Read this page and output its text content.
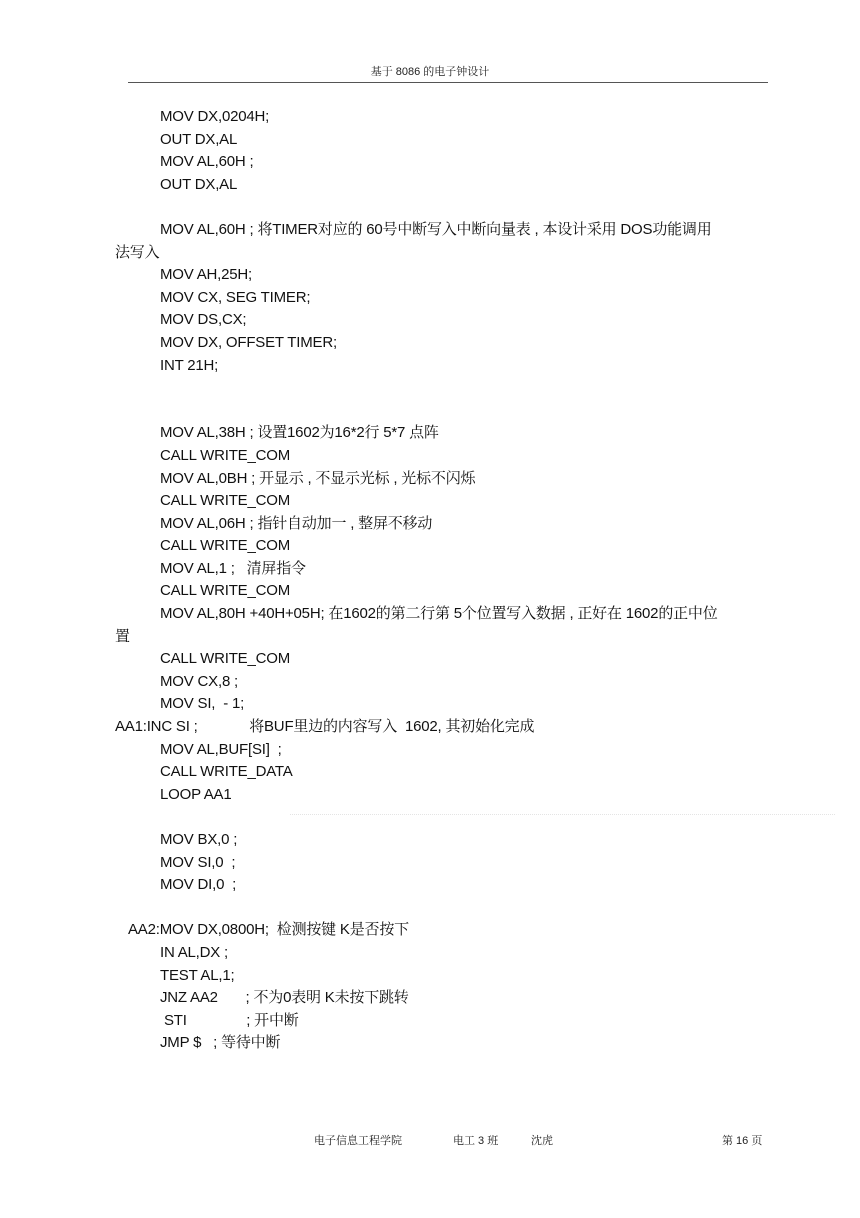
基于 8086 的电子钟设计
MOV DX,0204H;
OUT DX,AL
MOV AL,60H ;
OUT DX,AL
MOV AL,60H ; 将TIMER对应的 60号中断写入中断向量表 , 本设计采用 DOS功能调用
法写入
MOV AH,25H;
MOV CX, SEG TIMER;
MOV DS,CX;
MOV DX, OFFSET TIMER;
INT 21H;
MOV AL,38H ; 设置1602为16*2行 5*7 点阵
CALL WRITE_COM
MOV AL,0BH ; 开显示 , 不显示光标 , 光标不闪烁
CALL WRITE_COM
MOV AL,06H ; 指针自动加一 , 整屏不移动
CALL WRITE_COM
MOV AL,1 ;   清屏指令
CALL WRITE_COM
MOV AL,80H +40H+05H; 在1602的第二行第 5个位置写入数据 , 正好在 1602的正中位
置
CALL WRITE_COM
MOV CX,8 ;
MOV SI,  - 1;
AA1:INC SI ;             将BUF里边的内容写入  1602, 其初始化完成
MOV AL,BUF[SI]  ;
CALL WRITE_DATA
LOOP AA1
MOV BX,0 ;
MOV SI,0  ;
MOV DI,0  ;
AA2:MOV DX,0800H;  检测按键 K是否按下
IN AL,DX ;
TEST AL,1;
JNZ AA2       ; 不为0表明 K未按下跳转
STI               ; 开中断
JMP $   ; 等待中断
电子信息工程学院	电工 3 班	沈虎	第 16 页
